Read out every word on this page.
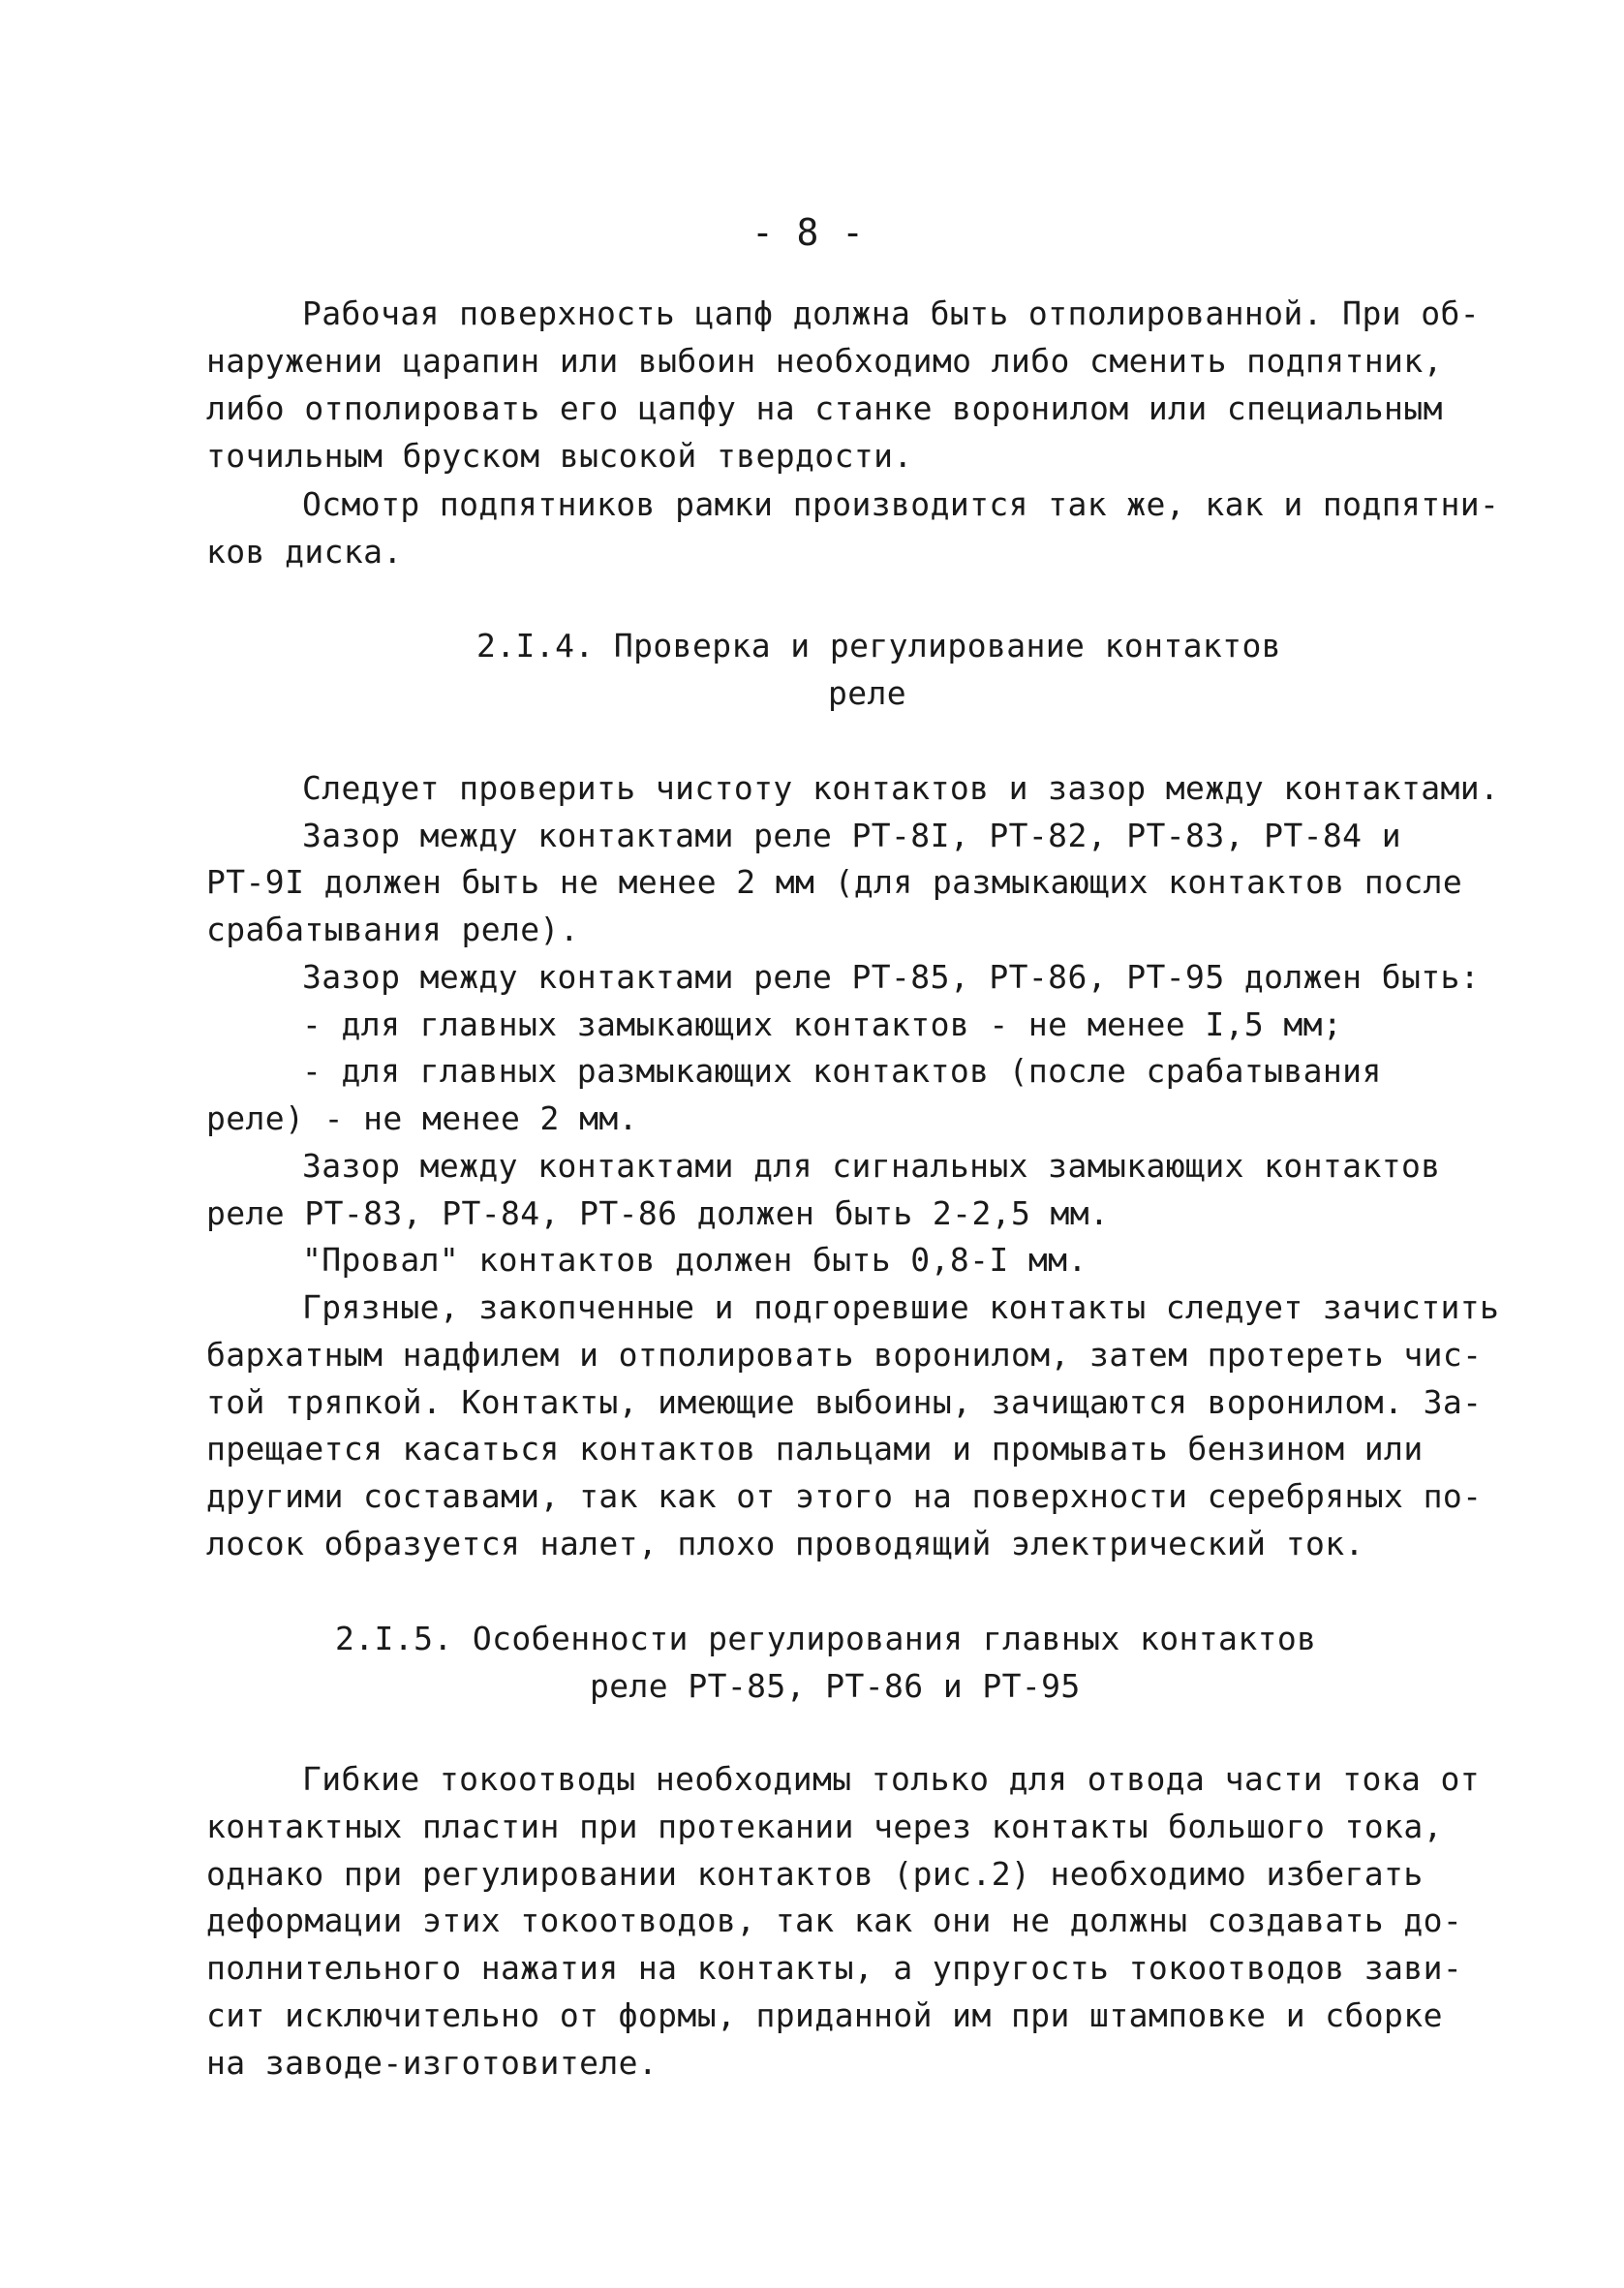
- 8 -

Рабочая поверхность цапф должна быть отполированной. При об-

наружении царапин или выбоин необходимо либо сменить подпятник,

либо отполировать его цапфу на станке воронилом или специальным

точильным бруском высокой твердости.

Осмотр подпятников рамки производится так же, как и подпятни-

ков диска.

2.I.4. Проверка и регулирование контактов

реле

Следует проверить чистоту контактов и зазор между контактами.

Зазор между контактами реле РТ-8I, РТ-82, РТ-83, РТ-84 и

РТ-9I должен быть не менее 2 мм (для размыкающих контактов после

срабатывания реле).

Зазор между контактами реле РТ-85, РТ-86, РТ-95 должен быть:

- для главных замыкающих контактов - не менее I,5 мм;

- для главных размыкающих контактов (после срабатывания

реле) - не менее 2 мм.

Зазор между контактами для сигнальных замыкающих контактов

реле РТ-83, РТ-84, РТ-86 должен быть 2-2,5 мм.

"Провал" контактов должен быть 0,8-I мм.

Грязные, закопченные и подгоревшие контакты следует зачистить

бархатным надфилем и отполировать воронилом, затем протереть чис-

той тряпкой. Контакты, имеющие выбоины, зачищаются воронилом. За-

прещается касаться контактов пальцами и промывать бензином или

другими составами, так как от этого на поверхности серебряных по-

лосок образуется налет, плохо проводящий электрический ток.

2.I.5. Особенности регулирования главных контактов

реле РТ-85, РТ-86 и РТ-95

Гибкие токоотводы необходимы только для отвода части тока от

контактных пластин при протекании через контакты большого тока,

однако при регулировании контактов (рис.2) необходимо избегать

деформации этих токоотводов, так как они не должны создавать до-

полнительного нажатия на контакты, а упругость токоотводов зави-

сит исключительно от формы, приданной им при штамповке и сборке

на заводе-изготовителе.
